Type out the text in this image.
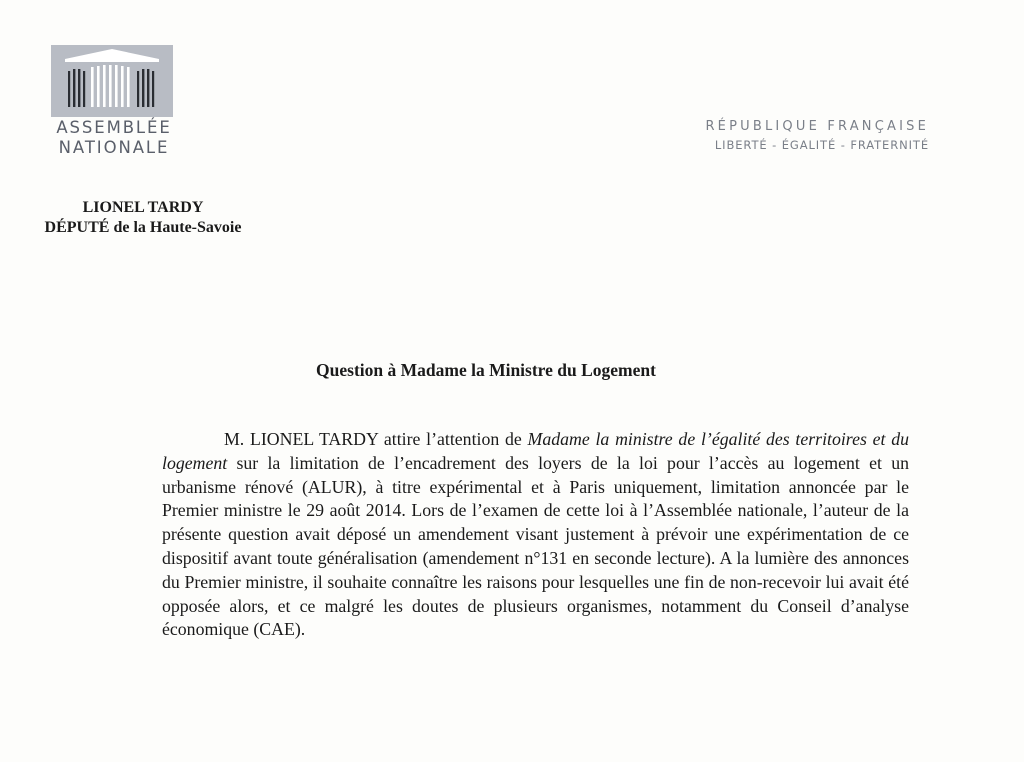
ASSEMBLÉE
NATIONALE
RÉPUBLIQUE FRANÇAISE
LIBERTÉ - ÉGALITÉ - FRATERNITÉ
LIONEL TARDY
DÉPUTÉ de la Haute-Savoie
Question à Madame la Ministre du Logement

M. LIONEL TARDY attire l’attention de Madame la ministre de l’égalité des territoires et du logement sur la limitation de l’encadrement des loyers de la loi pour l’accès au logement et un urbanisme rénové (ALUR), à titre expérimental et à Paris uniquement, limitation annoncée par le Premier ministre le 29 août 2014. Lors de l’examen de cette loi à l’Assemblée nationale, l’auteur de la présente question avait déposé un amendement visant justement à prévoir une expérimentation de ce dispositif avant toute généralisation (amendement n°131 en seconde lecture). A la lumière des annonces du Premier ministre, il souhaite connaître les raisons pour lesquelles une fin de non-recevoir lui avait été opposée alors, et ce malgré les doutes de plusieurs organismes, notamment du Conseil d’analyse économique (CAE).
